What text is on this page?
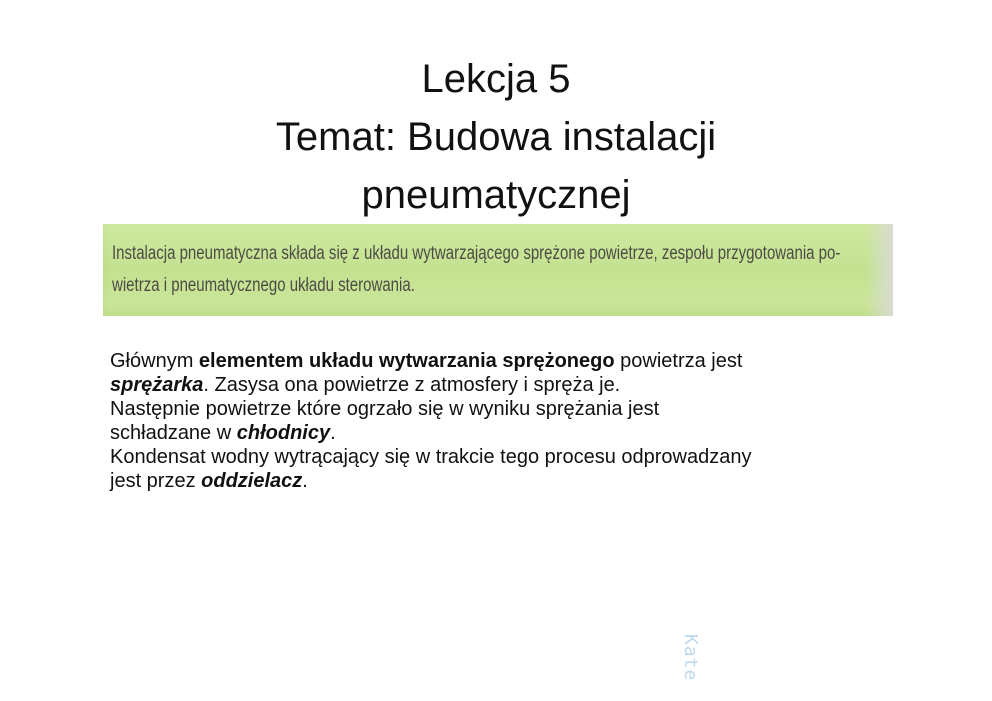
Lekcja 5
Temat: Budowa instalacji
pneumatycznej
Instalacja pneumatyczna składa się z układu wytwarzającego sprężone powietrze, zespołu przygotowania po-
wietrza i pneumatycznego układu sterowania.
Głównym elementem układu wytwarzania sprężonego powietrza jest
sprężarka. Zasysa ona powietrze z atmosfery i spręża je.
Następnie powietrze które ogrzało się w wyniku sprężania jest
schładzane w chłodnicy.
Kondensat wodny wytrącający się w trakcie tego procesu odprowadzany
jest przez oddzielacz.
Kate
